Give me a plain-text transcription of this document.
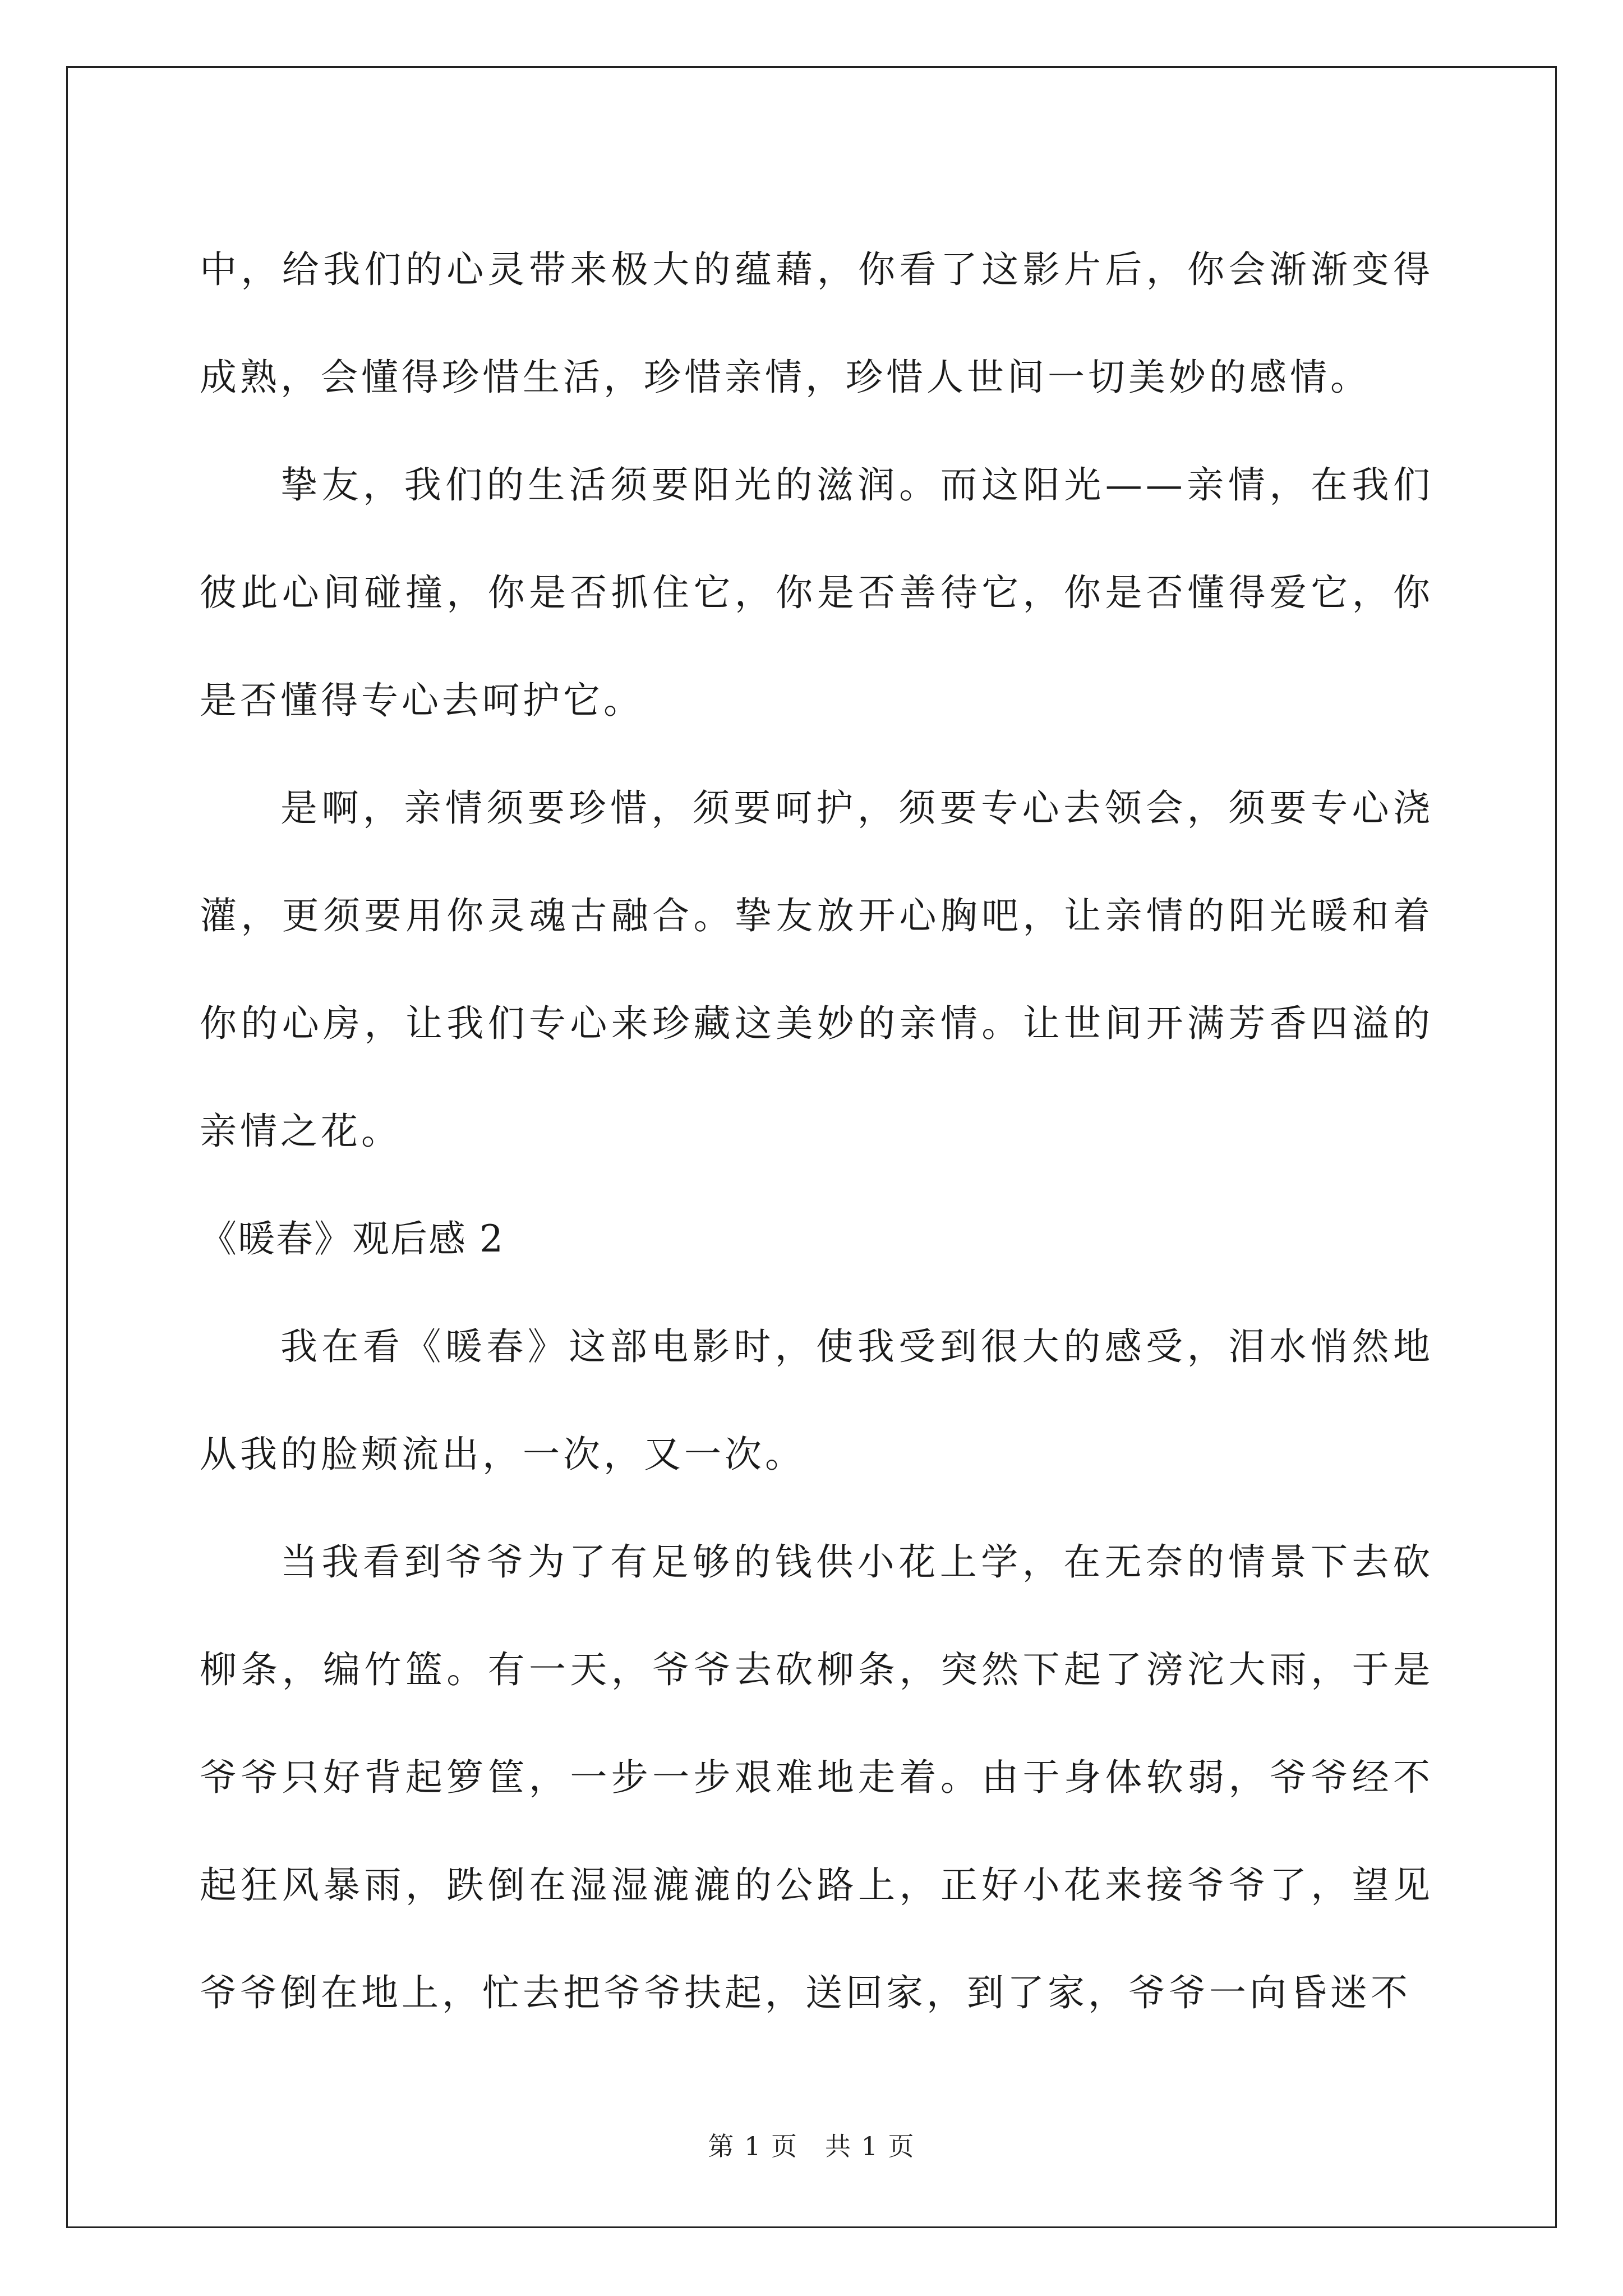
中，给我们的心灵带来极大的蕴藉，你看了这影片后，你会渐渐变得成熟，会懂得珍惜生活，珍惜亲情，珍惜人世间一切美妙的感情。

挚友，我们的生活须要阳光的滋润。而这阳光——亲情，在我们彼此心间碰撞，你是否抓住它，你是否善待它，你是否懂得爱它，你是否懂得专心去呵护它。

是啊，亲情须要珍惜，须要呵护，须要专心去领会，须要专心浇灌，更须要用你灵魂古融合。挚友放开心胸吧，让亲情的阳光暖和着你的心房，让我们专心来珍藏这美妙的亲情。让世间开满芳香四溢的亲情之花。

《暖春》观后感 2

我在看《暖春》这部电影时，使我受到很大的感受，泪水悄然地从我的脸颊流出，一次，又一次。

当我看到爷爷为了有足够的钱供小花上学，在无奈的情景下去砍柳条，编竹篮。有一天，爷爷去砍柳条，突然下起了滂沱大雨，于是爷爷只好背起箩筐，一步一步艰难地走着。由于身体软弱，爷爷经不起狂风暴雨，跌倒在湿湿漉漉的公路上，正好小花来接爷爷了，望见爷爷倒在地上，忙去把爷爷扶起，送回家，到了家，爷爷一向昏迷不

第 1 页　共 1 页
